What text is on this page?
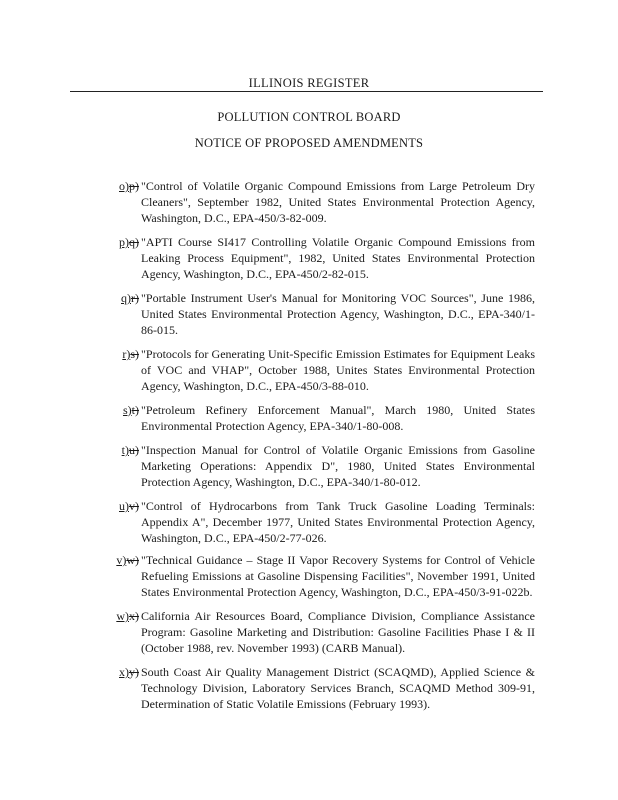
ILLINOIS REGISTER
POLLUTION CONTROL BOARD
NOTICE OF PROPOSED AMENDMENTS
o)p) "Control of Volatile Organic Compound Emissions from Large Petroleum Dry Cleaners", September 1982, United States Environmental Protection Agency, Washington, D.C., EPA-450/3-82-009.
p)q) "APTI Course SI417 Controlling Volatile Organic Compound Emissions from Leaking Process Equipment", 1982, United States Environmental Protection Agency, Washington, D.C., EPA-450/2-82-015.
q)r) "Portable Instrument User's Manual for Monitoring VOC Sources", June 1986, United States Environmental Protection Agency, Washington, D.C., EPA-340/1-86-015.
r)s) "Protocols for Generating Unit-Specific Emission Estimates for Equipment Leaks of VOC and VHAP", October 1988, Unites States Environmental Protection Agency, Washington, D.C., EPA-450/3-88-010.
s)t) "Petroleum Refinery Enforcement Manual", March 1980, United States Environmental Protection Agency, EPA-340/1-80-008.
t)u) "Inspection Manual for Control of Volatile Organic Emissions from Gasoline Marketing Operations: Appendix D", 1980, United States Environmental Protection Agency, Washington, D.C., EPA-340/1-80-012.
u)v) "Control of Hydrocarbons from Tank Truck Gasoline Loading Terminals: Appendix A", December 1977, United States Environmental Protection Agency, Washington, D.C., EPA-450/2-77-026.
v)w) "Technical Guidance – Stage II Vapor Recovery Systems for Control of Vehicle Refueling Emissions at Gasoline Dispensing Facilities", November 1991, United States Environmental Protection Agency, Washington, D.C., EPA-450/3-91-022b.
w)x) California Air Resources Board, Compliance Division, Compliance Assistance Program: Gasoline Marketing and Distribution: Gasoline Facilities Phase I & II (October 1988, rev. November 1993) (CARB Manual).
x)y) South Coast Air Quality Management District (SCAQMD), Applied Science & Technology Division, Laboratory Services Branch, SCAQMD Method 309-91, Determination of Static Volatile Emissions (February 1993).
